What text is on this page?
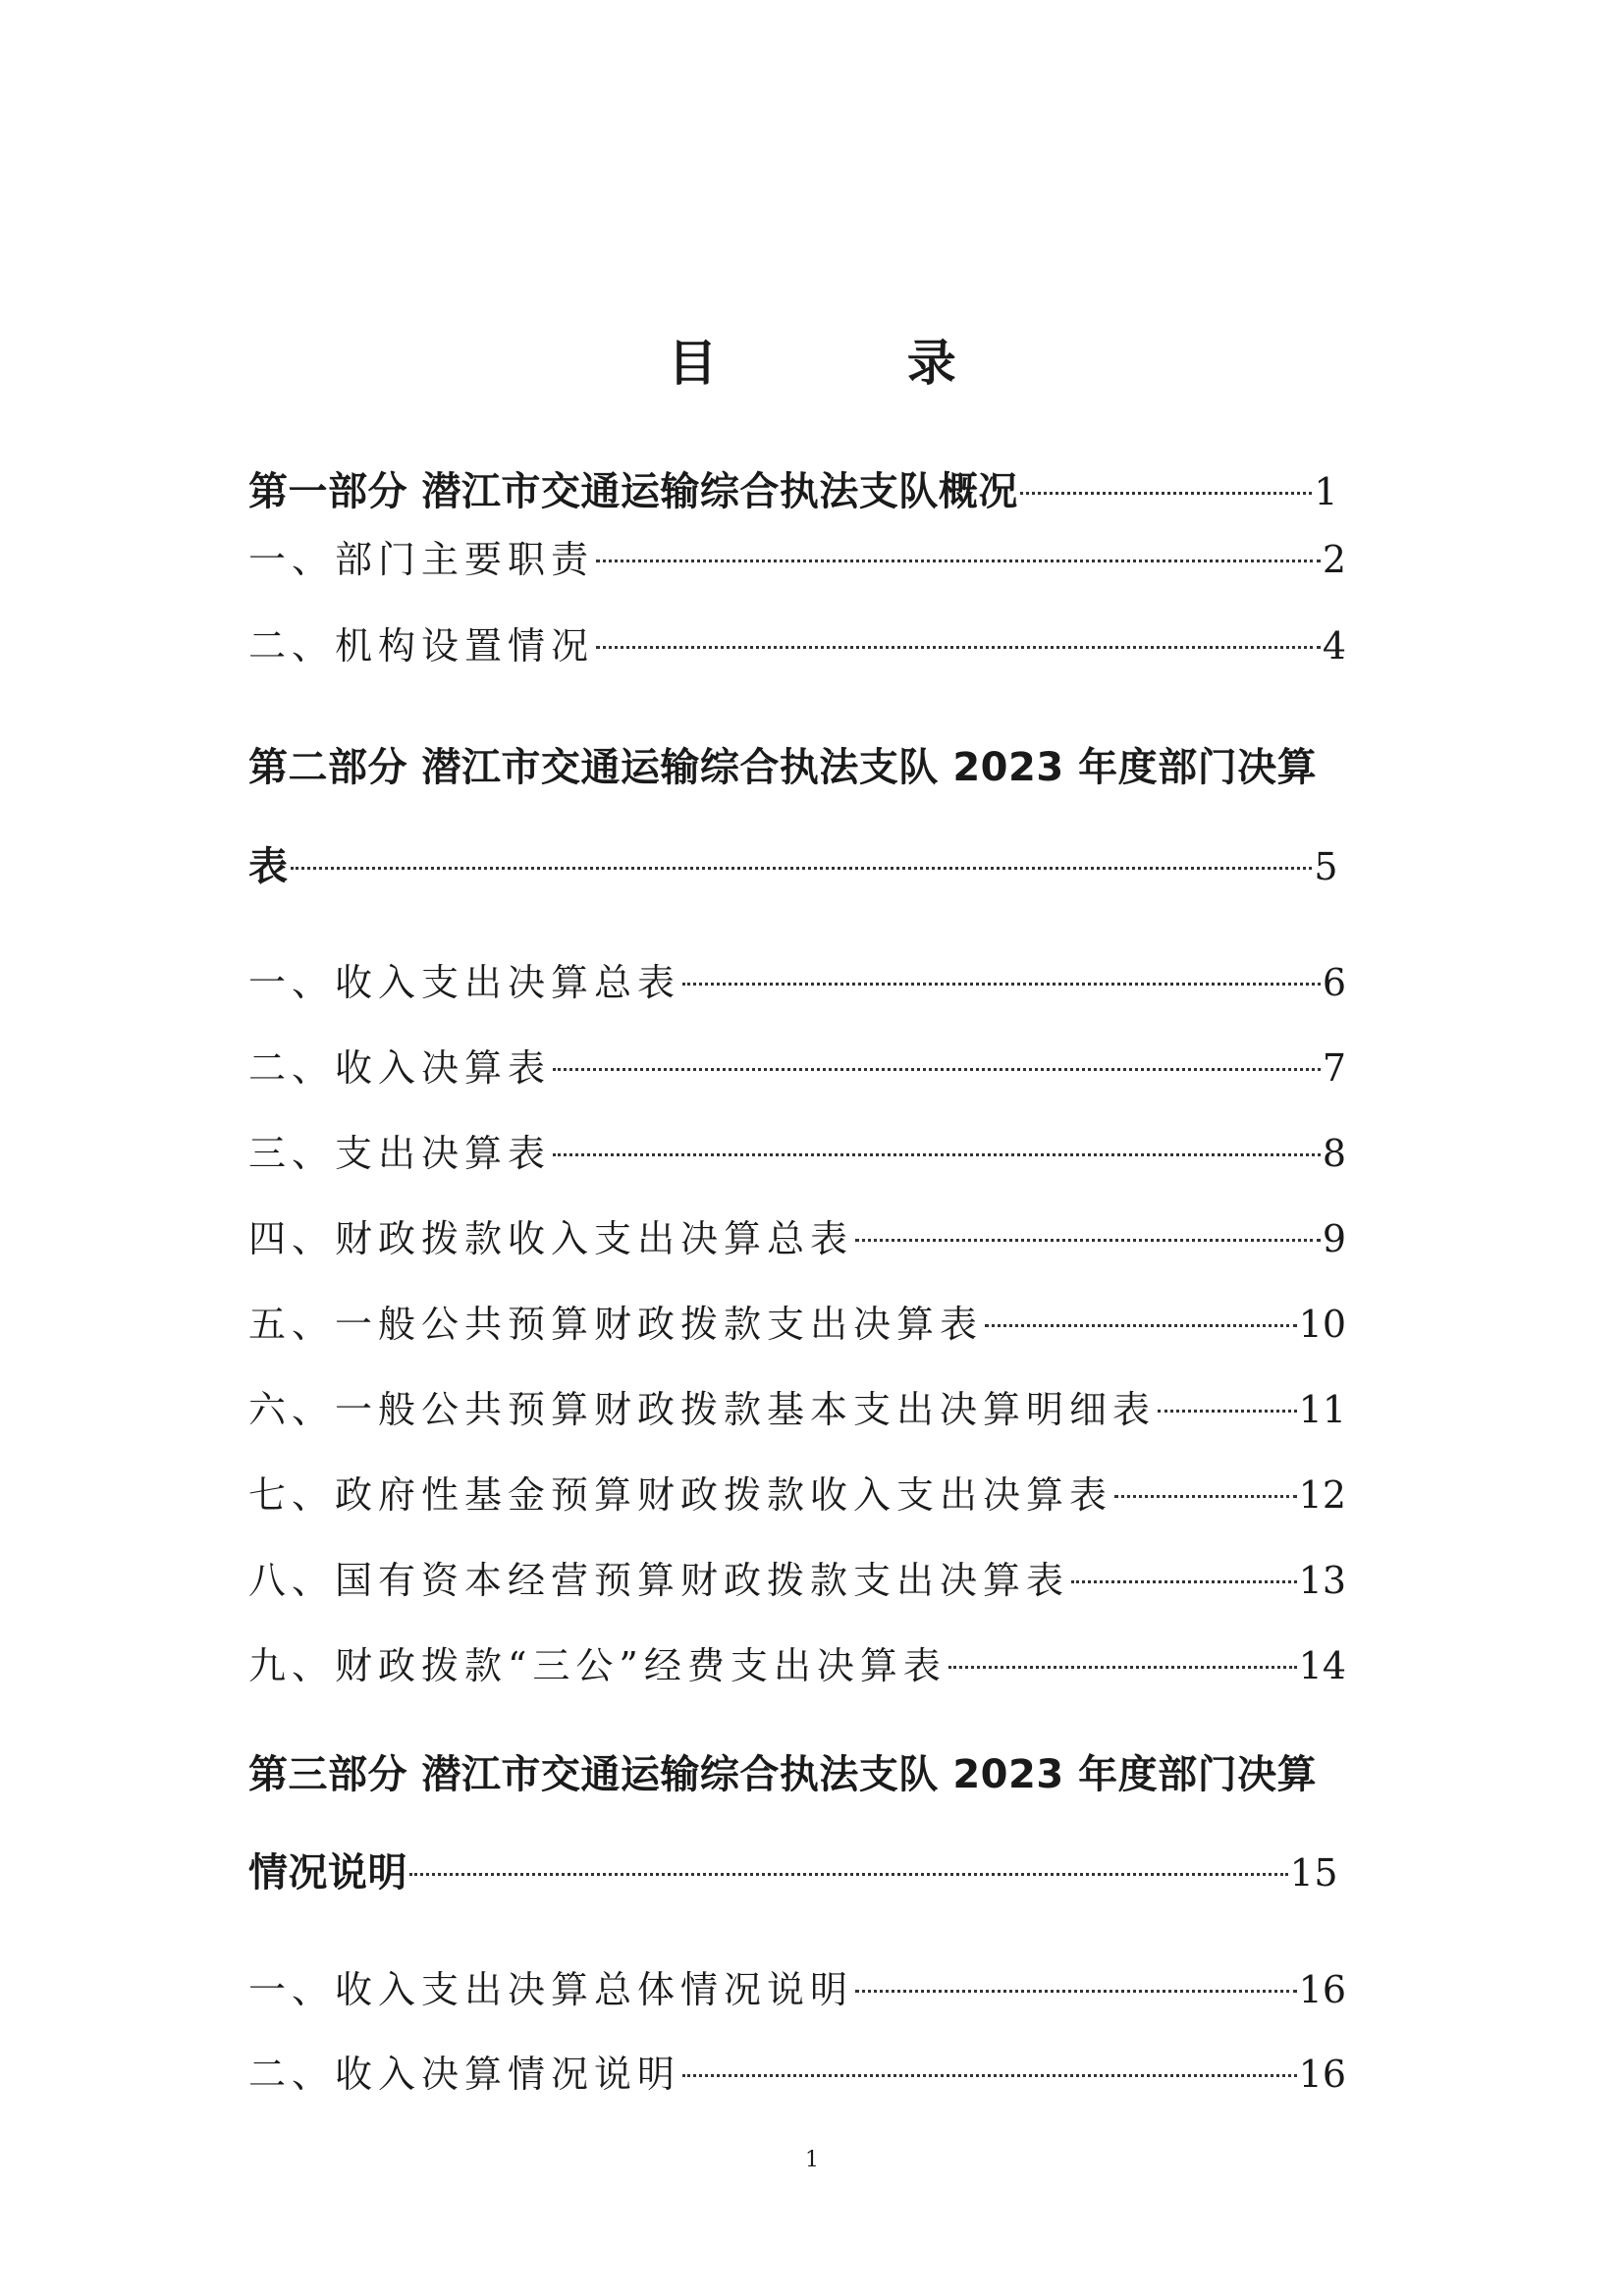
目 录
第一部分 潜江市交通运输综合执法支队概况	1
一、部门主要职责	2
二、机构设置情况	4
第二部分 潜江市交通运输综合执法支队 2023 年度部门决算
表	5
一、收入支出决算总表	6
二、收入决算表	7
三、支出决算表	8
四、财政拨款收入支出决算总表	9
五、一般公共预算财政拨款支出决算表	10
六、一般公共预算财政拨款基本支出决算明细表	11
七、政府性基金预算财政拨款收入支出决算表	12
八、国有资本经营预算财政拨款支出决算表	13
九、财政拨款“三公”经费支出决算表	14
第三部分 潜江市交通运输综合执法支队 2023 年度部门决算
情况说明	15
一、收入支出决算总体情况说明	16
二、收入决算情况说明	16
1
